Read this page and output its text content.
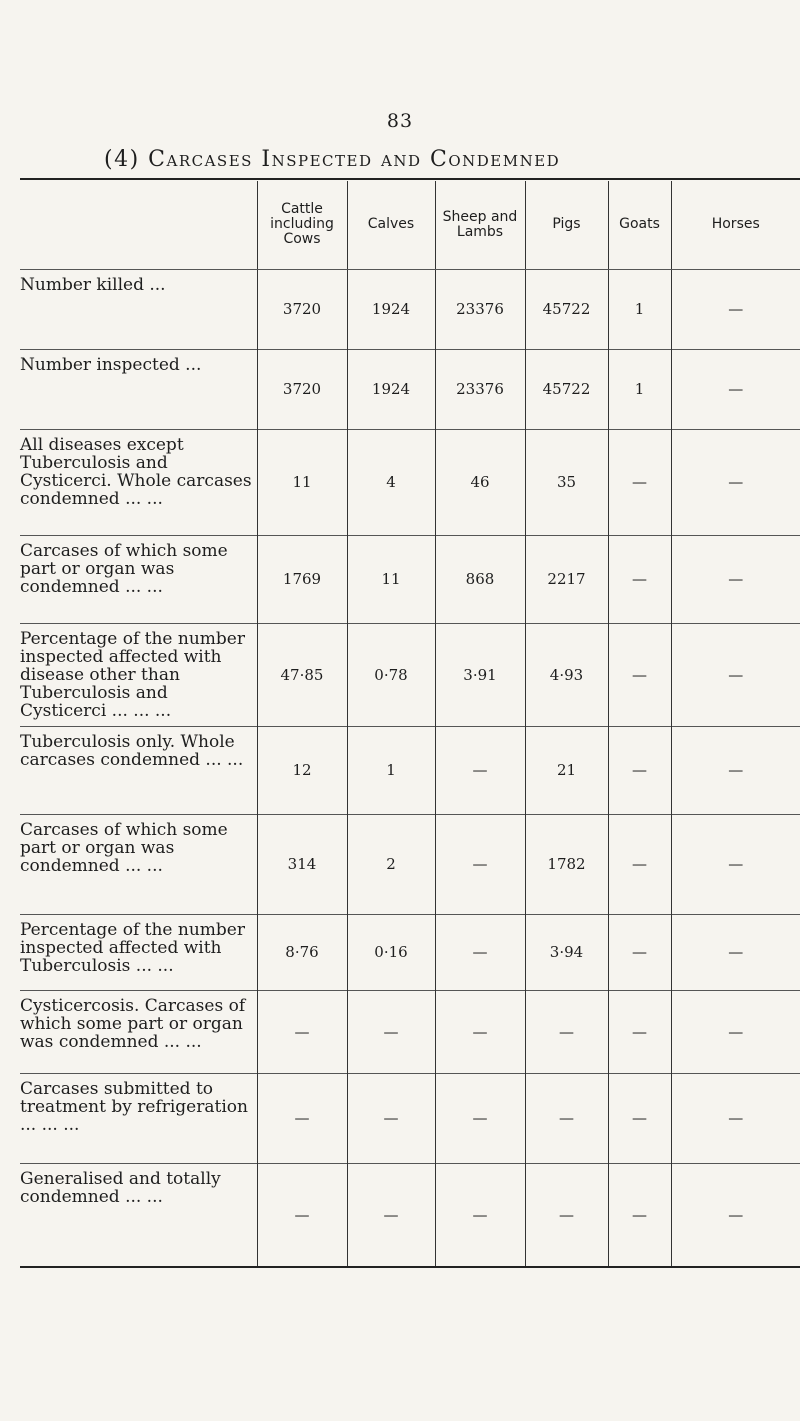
83
(4) Carcases Inspected and Condemned
	Cattle including Cows	Calves	Sheep and Lambs	Pigs	Goats	Horses
Number killed ...	3720	1924	23376	45722	1	—
Number inspected ...	3720	1924	23376	45722	1	—
All diseases except Tuberculosis and Cysticerci. Whole carcases condemned ... ...	11	4	46	35	—	—
Carcases of which some part or organ was condemned ... ...	1769	11	868	2217	—	—
Percentage of the number inspected affected with disease other than Tuberculosis and Cysticerci ... ... ...	47·85	0·78	3·91	4·93	—	—
Tuberculosis only. Whole carcases condemned ... ...	12	1	—	21	—	—
Carcases of which some part or organ was condemned ... ...	314	2	—	1782	—	—
Percentage of the number inspected affected with Tuberculosis ... ...	8·76	0·16	—	3·94	—	—
Cysticercosis. Carcases of which some part or organ was condemned ... ...	—	—	—	—	—	—
Carcases submitted to treatment by refrigeration ... ... ...	—	—	—	—	—	—
Generalised and totally condemned ... ...	—	—	—	—	—	—
